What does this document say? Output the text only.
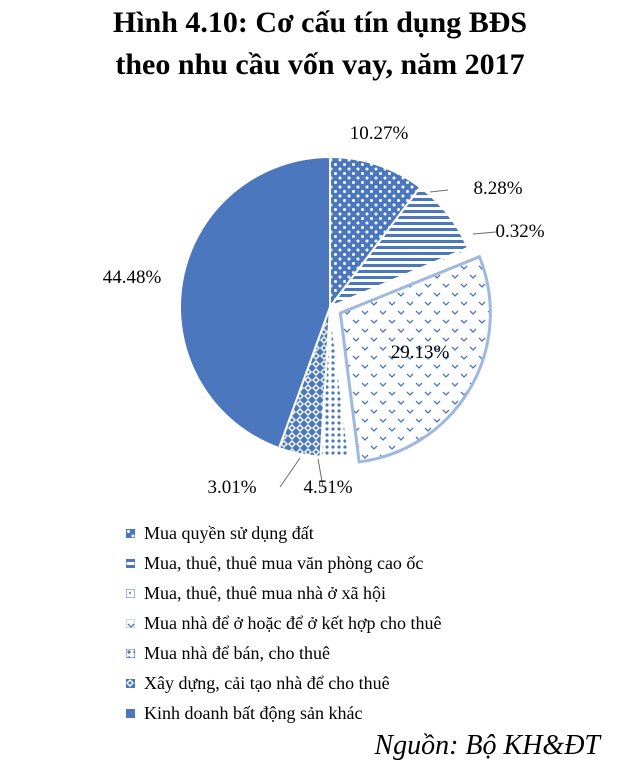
Hình 4.10: Cơ cấu tín dụng BĐS
theo nhu cầu vốn vay, năm 2017
10.27%
8.28%
0.32%
29.13%
3.01% 4.51%
44.48%
Mua quyền sử dụng đất
Mua, thuê, thuê mua văn phòng cao ốc
Mua, thuê, thuê mua nhà ở xã hội
Mua nhà để ở hoặc để ở kết hợp cho thuê
Mua nhà để bán, cho thuê
Xây dựng, cải tạo nhà để cho thuê
Kinh doanh bất động sản khác
Nguồn: Bộ KH&ĐT
